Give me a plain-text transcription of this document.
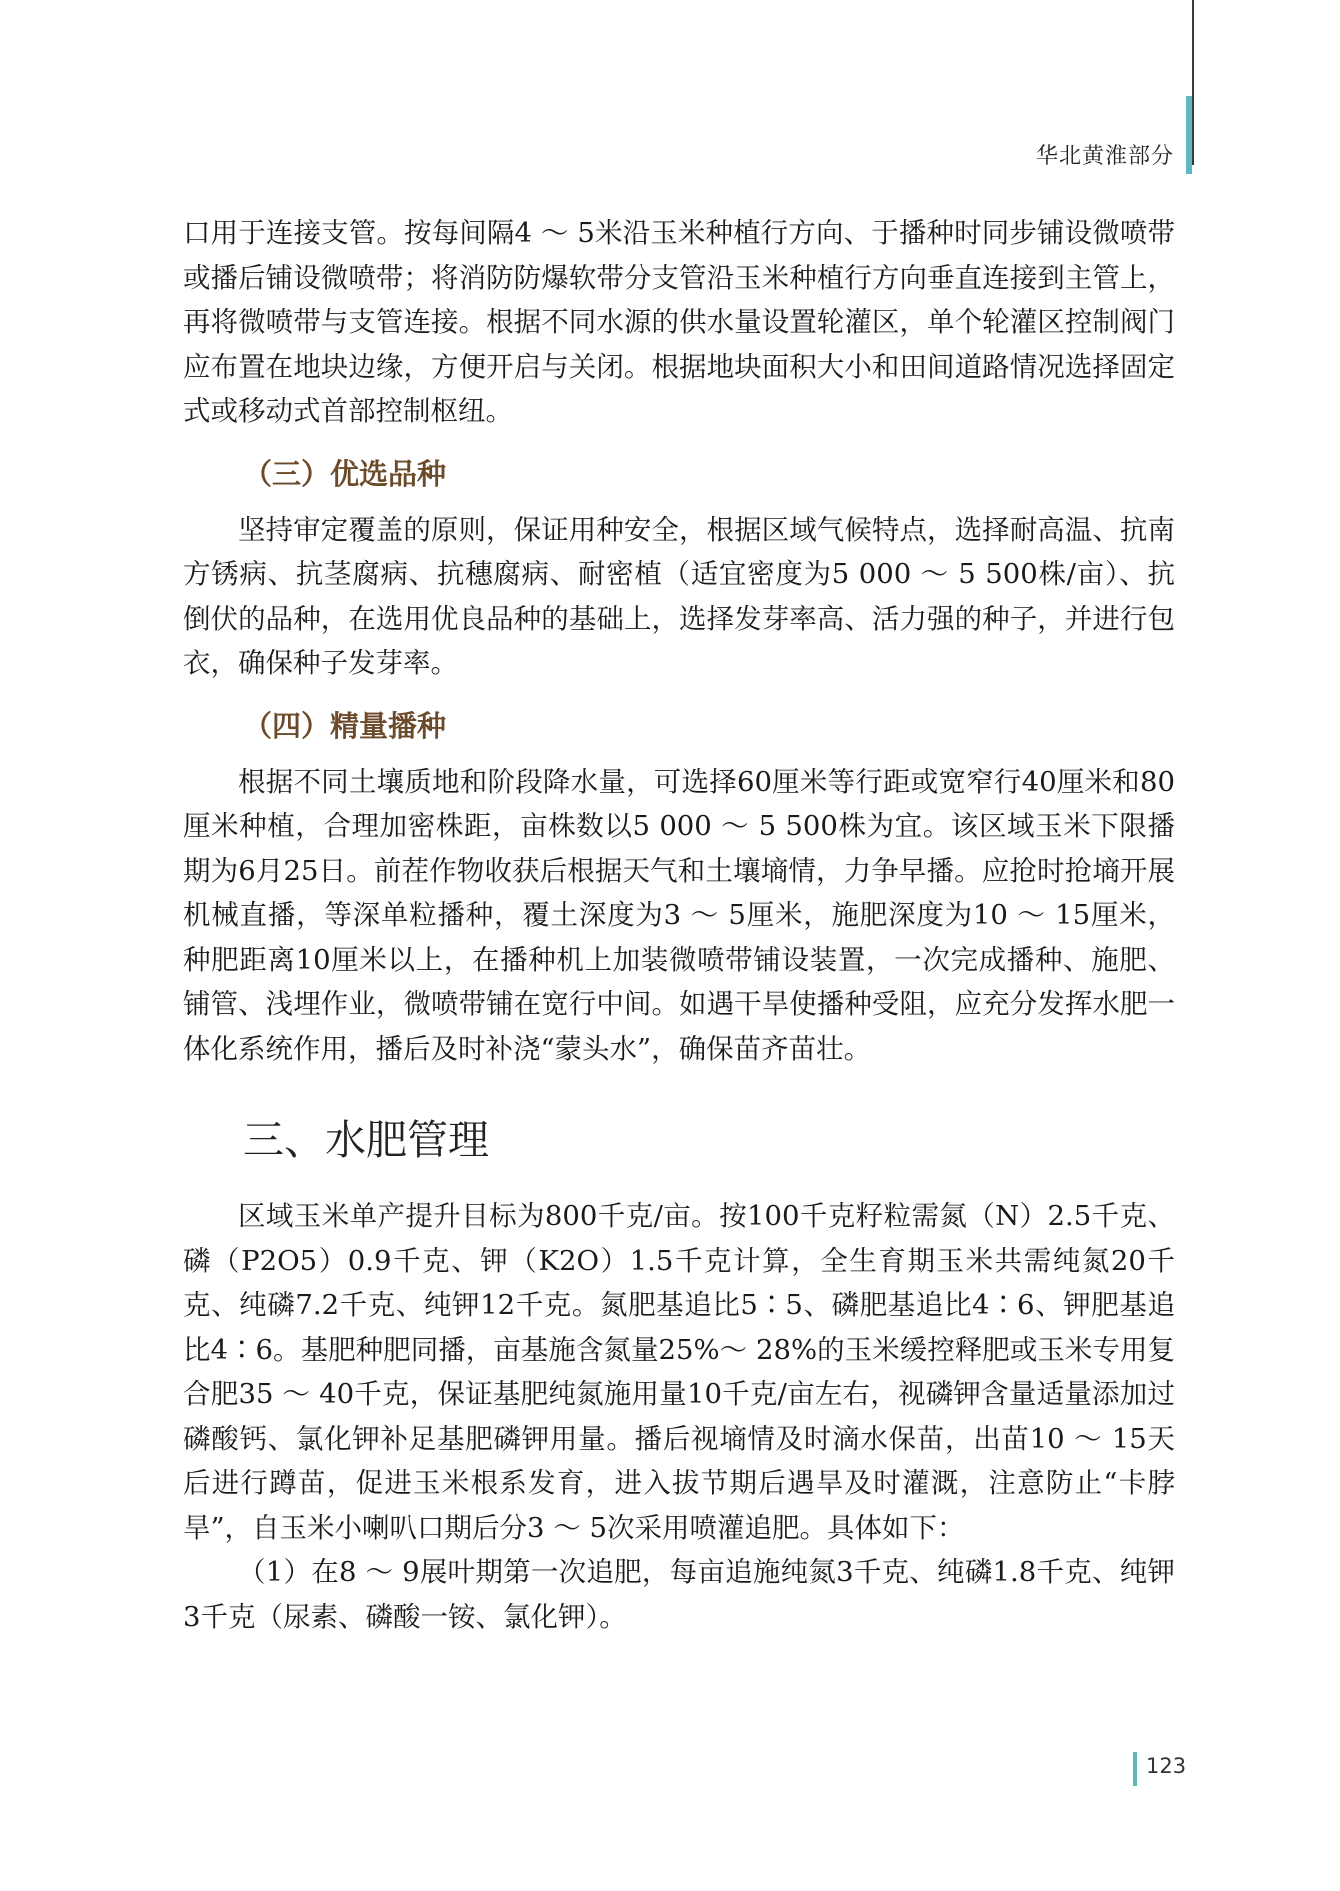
华北黄淮部分

口用于连接支管。按每间隔4 ～ 5米沿玉米种植行方向、于播种时同步铺设微喷带或播后铺设微喷带；将消防防爆软带分支管沿玉米种植行方向垂直连接到主管上，再将微喷带与支管连接。根据不同水源的供水量设置轮灌区，单个轮灌区控制阀门应布置在地块边缘，方便开启与关闭。根据地块面积大小和田间道路情况选择固定式或移动式首部控制枢纽。

（三）优选品种

坚持审定覆盖的原则，保证用种安全，根据区域气候特点，选择耐高温、抗南方锈病、抗茎腐病、抗穗腐病、耐密植（适宜密度为5 000 ～ 5 500株/亩）、抗倒伏的品种，在选用优良品种的基础上，选择发芽率高、活力强的种子，并进行包衣，确保种子发芽率。

（四）精量播种

根据不同土壤质地和阶段降水量，可选择60厘米等行距或宽窄行40厘米和80厘米种植，合理加密株距，亩株数以5 000 ～ 5 500株为宜。该区域玉米下限播期为6月25日。前茬作物收获后根据天气和土壤墒情，力争早播。应抢时抢墒开展机械直播，等深单粒播种，覆土深度为3 ～ 5厘米，施肥深度为10 ～ 15厘米，种肥距离10厘米以上，在播种机上加装微喷带铺设装置，一次完成播种、施肥、铺管、浅埋作业，微喷带铺在宽行中间。如遇干旱使播种受阻，应充分发挥水肥一体化系统作用，播后及时补浇“蒙头水”，确保苗齐苗壮。

三、水肥管理

区域玉米单产提升目标为800千克/亩。按100千克籽粒需氮（N）2.5千克、磷（P2O5）0.9千克、钾（K2O）1.5千克计算，全生育期玉米共需纯氮20千克、纯磷7.2千克、纯钾12千克。氮肥基追比5∶5、磷肥基追比4∶6、钾肥基追比4∶6。基肥种肥同播，亩基施含氮量25%～ 28%的玉米缓控释肥或玉米专用复合肥35 ～ 40千克，保证基肥纯氮施用量10千克/亩左右，视磷钾含量适量添加过磷酸钙、氯化钾补足基肥磷钾用量。播后视墒情及时滴水保苗，出苗10 ～ 15天后进行蹲苗，促进玉米根系发育，进入拔节期后遇旱及时灌溉，注意防止“卡脖旱”，自玉米小喇叭口期后分3 ～ 5次采用喷灌追肥。具体如下：

（1）在8 ～ 9展叶期第一次追肥，每亩追施纯氮3千克、纯磷1.8千克、纯钾3千克（尿素、磷酸一铵、氯化钾）。

123
